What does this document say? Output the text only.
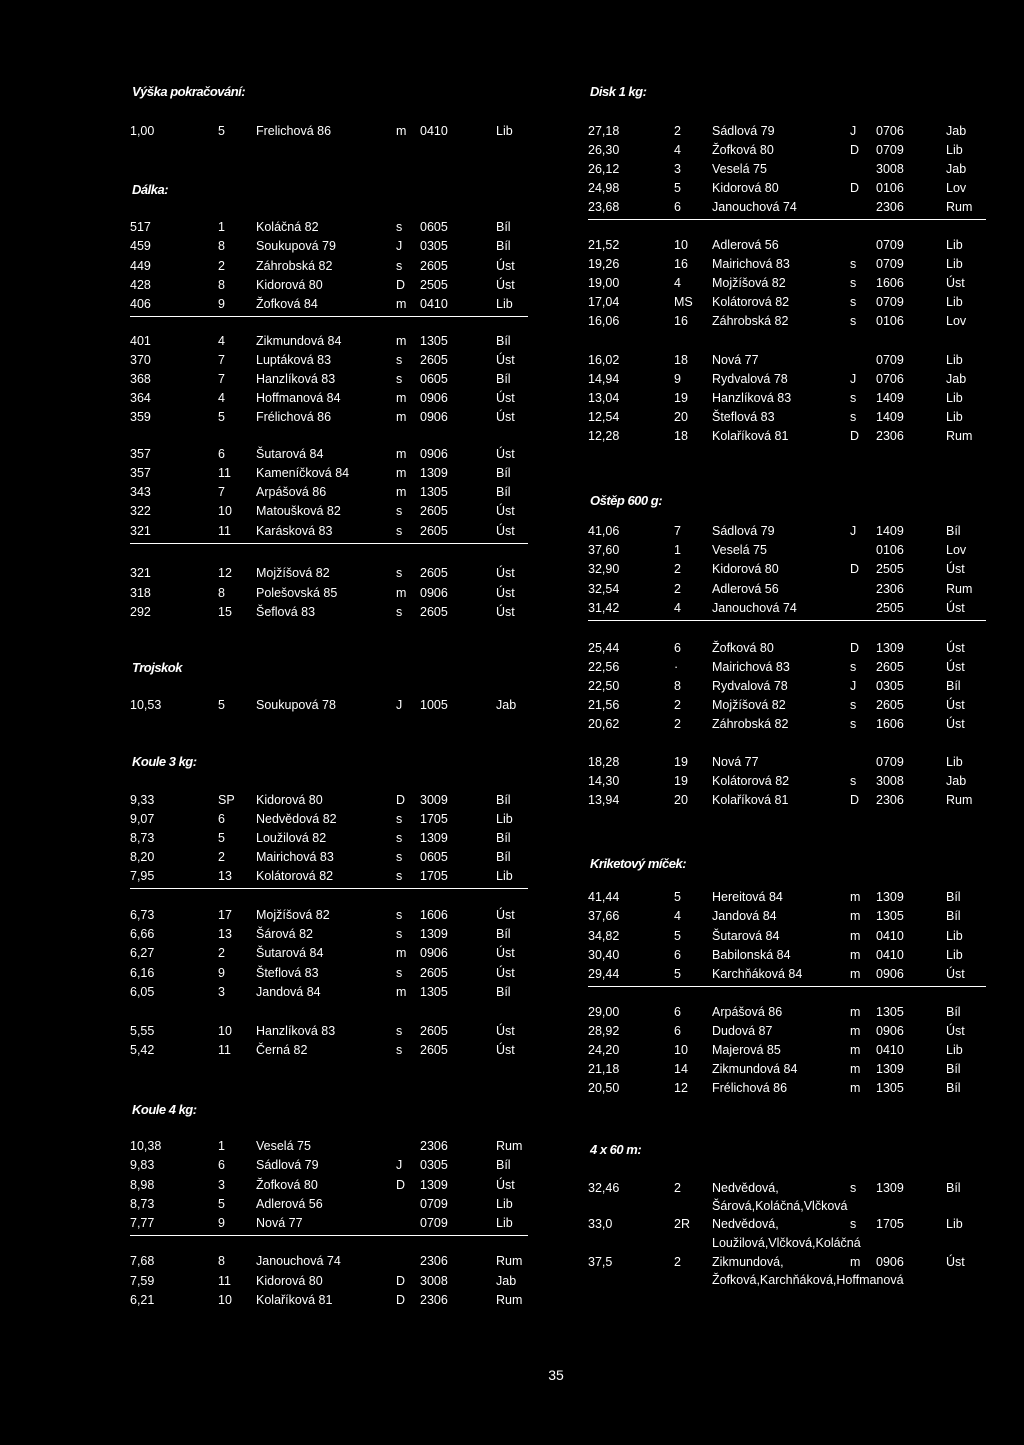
Výška pokračování:
Dálka:
Trojskok
Koule 3 kg:
Koule 4 kg:
Disk 1 kg:
Oštěp 600 g:
Kriketový míček:
4 x 60 m:
1,00	5 Frelichová 86	m 0410	Lib
517	1 Koláčná 82	s 0605	Bíl
459	8 Soukupová 79	J 0305	Bíl
449	2 Záhrobská 82	s 2605	Úst
428	8 Kidorová 80	D 2505	Úst
406	9 Žofková 84	m 0410	Lib
401	4 Zikmundová 84	m 1305	Bíl
370	7 Luptáková 83	s 2605	Úst
368	7 Hanzlíková 83	s 0605	Bíl
364	4 Hoffmanová 84	m 0906	Úst
359	5 Frélichová 86	m 0906	Úst
357	6 Šutarová 84	m 0906	Úst
357	11 Kameníčková 84	m 1309	Bíl
343	7 Arpášová 86	m 1305	Bíl
322	10 Matoušková 82	s 2605	Úst
321	11 Karásková 83	s 2605	Úst
321	12 Mojžíšová 82	s 2605	Úst
318	8 Polešovská 85	m 0906	Úst
292	15 Šeflová 83	s 2605	Úst
10,53	5 Soukupová 78	J 1005	Jab
9,33	SP Kidorová 80	D 3009	Bíl
9,07	6 Nedvědová 82	s 1705	Lib
8,73	5 Loužilová 82	s 1309	Bíl
8,20	2 Mairichová 83	s 0605	Bíl
7,95	13 Kolátorová 82	s 1705	Lib
6,73	17 Mojžíšová 82	s 1606	Úst
6,66	13 Šárová 82	s 1309	Bíl
6,27	2 Šutarová 84	m 0906	Úst
6,16	9 Šteflová 83	s 2605	Úst
6,05	3 Jandová 84	m 1305	Bíl
5,55	10 Hanzlíková 83	s 2605	Úst
5,42	11 Černá 82	s 2605	Úst
10,38	1 Veselá 75	2306	Rum
9,83	6 Sádlová 79	J 0305	Bíl
8,98	3 Žofková 80	D 1309	Úst
8,73	5 Adlerová 56	0709	Lib
7,77	9 Nová 77	0709	Lib
7,68	8 Janouchová 74	2306	Rum
7,59	11 Kidorová 80	D 3008	Jab
6,21	10 Kolaříková 81	D 2306	Rum
27,18	2 Sádlová 79	J 0706	Jab
26,30	4 Žofková 80	D 0709	Lib
26,12	3 Veselá 75	3008	Jab
24,98	5 Kidorová 80	D 0106	Lov
23,68	6 Janouchová 74	2306	Rum
21,52	10 Adlerová 56	0709	Lib
19,26	16 Mairichová 83	s 0709	Lib
19,00	4 Mojžíšová 82	s 1606	Úst
17,04	MS Kolátorová 82	s 0709	Lib
16,06	16 Záhrobská 82	s 0106	Lov
16,02	18 Nová 77	0709	Lib
14,94	9 Rydvalová 78	J 0706	Jab
13,04	19 Hanzlíková 83	s 1409	Lib
12,54	20 Šteflová 83	s 1409	Lib
12,28	18 Kolaříková 81	D 2306	Rum
41,06	7 Sádlová 79	J 1409	Bíl
37,60	1 Veselá 75	0106	Lov
32,90	2 Kidorová 80	D 2505	Úst
32,54	2 Adlerová 56	2306	Rum
31,42	4 Janouchová 74	2505	Úst
25,44	6 Žofková 80	D 1309	Úst
22,56	·	Mairichová 83	s 2605	Úst
22,50	8 Rydvalová 78	J 0305	Bíl
21,56	2 Mojžíšová 82	s 2605	Úst
20,62	2 Záhrobská 82	s 1606	Úst
18,28	19 Nová 77	0709	Lib
14,30	19 Kolátorová 82	s 3008	Jab
13,94	20 Kolaříková 81	D 2306	Rum
41,44	5 Hereitová 84	m 1309	Bíl
37,66	4 Jandová 84	m 1305	Bíl
34,82	5 Šutarová 84	m 0410	Lib
30,40	6 Babilonská 84	m 0410	Lib
29,44	5 Karchňáková 84	m 0906	Úst
29,00	6 Arpášová 86	m 1305	Bíl
28,92	6 Dudová 87	m 0906	Úst
24,20	10 Majerová 85	m 0410	Lib
21,18	14 Zikmundová 84	m 1309	Bíl
20,50	12 Frélichová 86	m 1305	Bíl
32,46	2 Nedvědová,	s 1309	Bíl
Šárová,Koláčná,Vlčková
33,0	2R Nedvědová,	s 1705	Lib
Loužilová,Vlčková,Koláčná
37,5	2 Zikmundová,	m 0906	Úst
Žofková,Karchňáková,Hoffmanová
35
